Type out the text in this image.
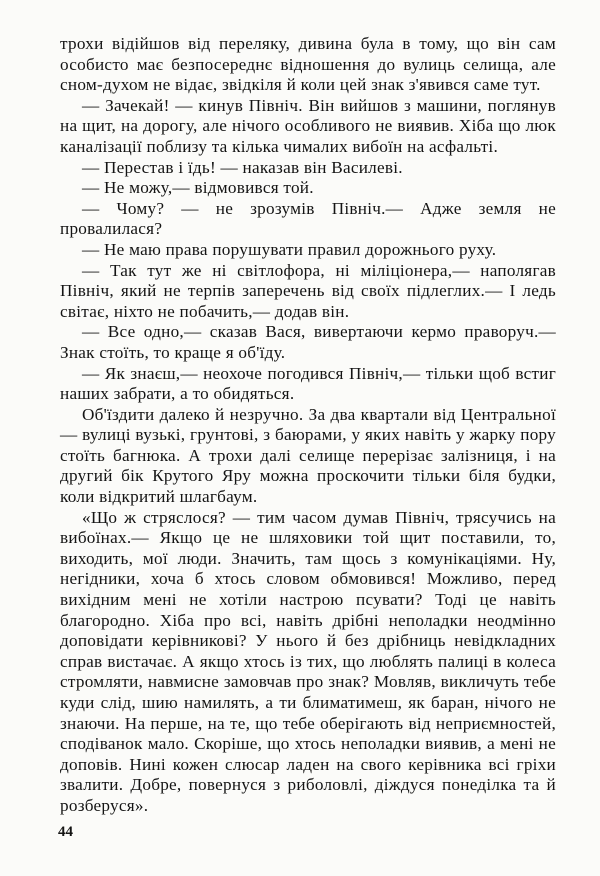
трохи відійшов від переляку, дивина була в тому, що він сам особисто має безпосереднє відношення до вулиць селища, але сном-духом не відає, звідкіля й коли цей знак з'явився саме тут.

— Зачекай! — кинув Північ. Він вийшов з машини, поглянув на щит, на дорогу, але нічого особливого не виявив. Хіба що люк каналізації поблизу та кілька чималих вибоїн на асфальті.

— Перестав і їдь! — наказав він Василеві.

— Не можу,— відмовився той.

— Чому? — не зрозумів Північ.— Адже земля не провалилася?

— Не маю права порушувати правил дорожнього руху.

— Так тут же ні світлофора, ні міліціонера,— наполягав Північ, який не терпів заперечень від своїх підлеглих.— І ледь світає, ніхто не побачить,— додав він.

— Все одно,— сказав Вася, вивертаючи кермо праворуч.— Знак стоїть, то краще я об'їду.

— Як знаєш,— неохоче погодився Північ,— тільки щоб встиг наших забрати, а то обидяться.

Об'їздити далеко й незручно. За два квартали від Центральної — вулиці вузькі, грунтові, з баюрами, у яких навіть у жарку пору стоїть багнюка. А трохи далі селище перерізає залізниця, і на другий бік Крутого Яру можна проскочити тільки біля будки, коли відкритий шлагбаум.

«Що ж стряслося? — тим часом думав Північ, трясучись на вибоїнах.— Якщо це не шляховики той щит поставили, то, виходить, мої люди. Значить, там щось з комунікаціями. Ну, негідники, хоча б хтось словом обмовився! Можливо, перед вихідним мені не хотіли настрою псувати? Тоді це навіть благородно. Хіба про всі, навіть дрібні неполадки неодмінно доповідати керівникові? У нього й без дрібниць невідкладних справ вистачає. А якщо хтось із тих, що люблять палиці в колеса стромляти, навмисне замовчав про знак? Мовляв, викличуть тебе куди слід, шию намилять, а ти блиматимеш, як баран, нічого не знаючи. На перше, на те, що тебе оберігають від неприємностей, сподіванок мало. Скоріше, що хтось неполадки виявив, а мені не доповів. Нині кожен слюсар ладен на свого керівника всі гріхи звалити. Добре, повернуся з риболовлі, діждуся понеділка та й розберуся».

44
